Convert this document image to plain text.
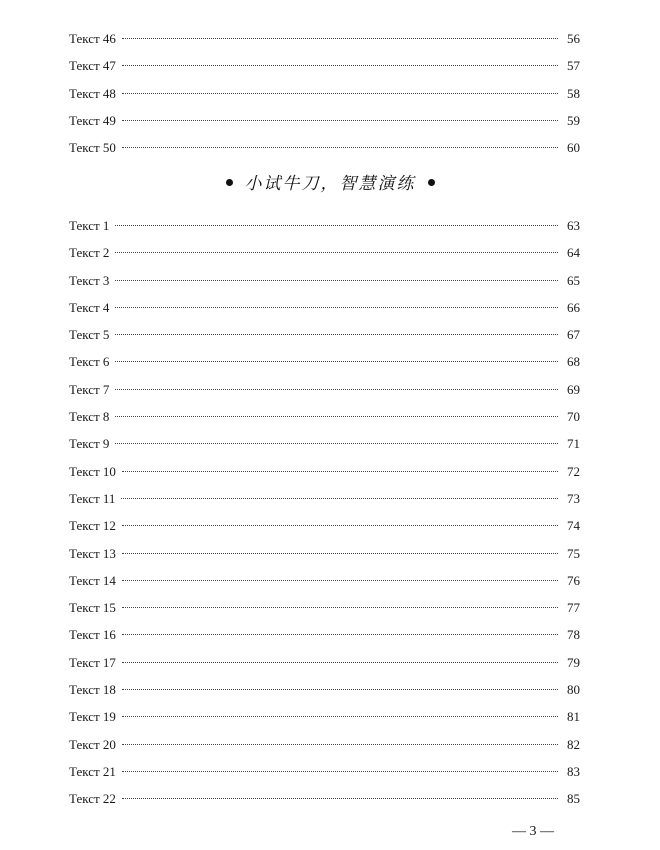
Текст 46	56
Текст 47	57
Текст 48	58
Текст 49	59
Текст 50	60
小试牛刀，智慧演练
Текст 1	63
Текст 2	64
Текст 3	65
Текст 4	66
Текст 5	67
Текст 6	68
Текст 7	69
Текст 8	70
Текст 9	71
Текст 10	72
Текст 11	73
Текст 12	74
Текст 13	75
Текст 14	76
Текст 15	77
Текст 16	78
Текст 17	79
Текст 18	80
Текст 19	81
Текст 20	82
Текст 21	83
Текст 22	85
— 3 —
